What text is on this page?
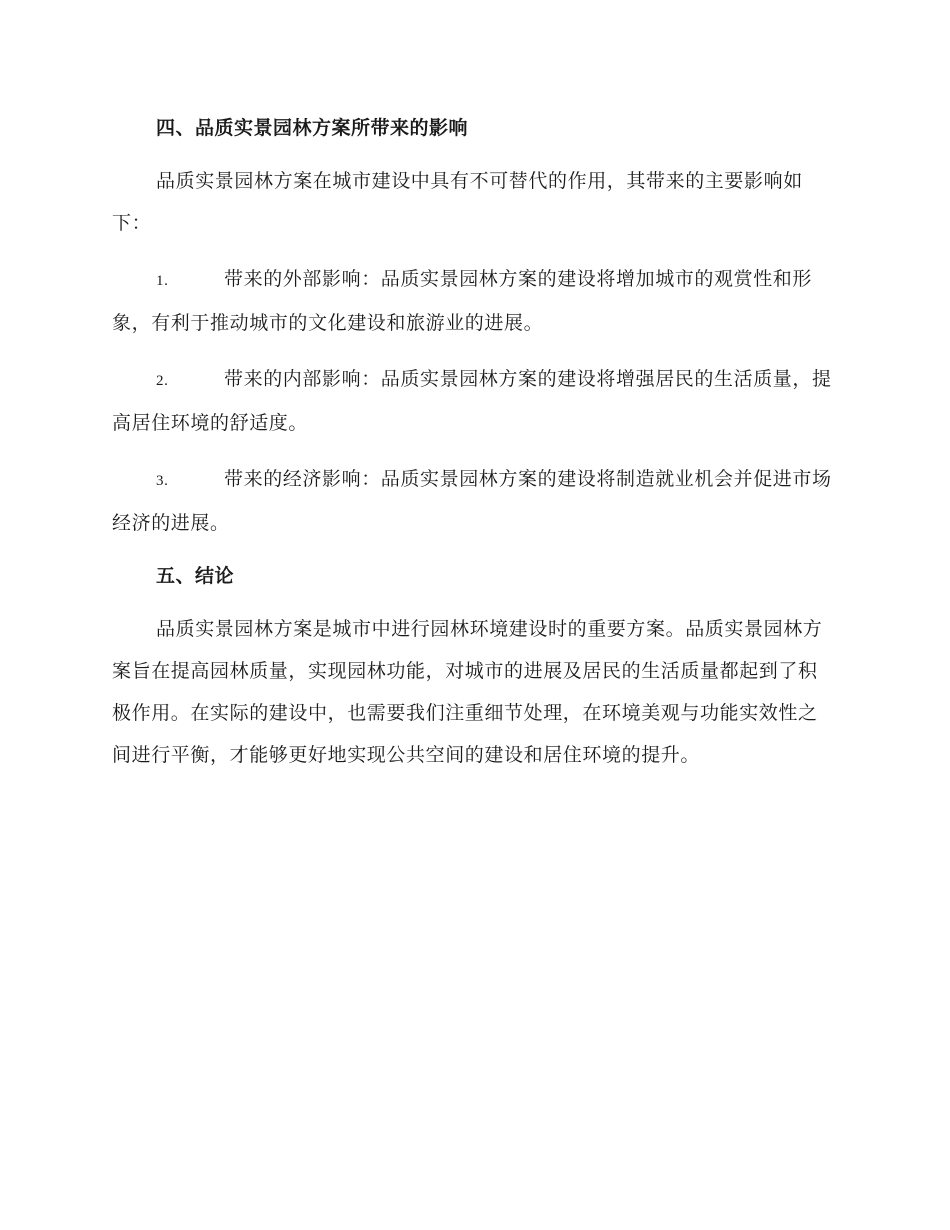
四、品质实景园林方案所带来的影响

品质实景园林方案在城市建设中具有不可替代的作用，其带来的主要影响如下：

1.	带来的外部影响：品质实景园林方案的建设将增加城市的观赏性和形象，有利于推动城市的文化建设和旅游业的进展。

2.	带来的内部影响：品质实景园林方案的建设将增强居民的生活质量，提高居住环境的舒适度。

3.	带来的经济影响：品质实景园林方案的建设将制造就业机会并促进市场经济的进展。

五、结论

品质实景园林方案是城市中进行园林环境建设时的重要方案。品质实景园林方案旨在提高园林质量，实现园林功能，对城市的进展及居民的生活质量都起到了积极作用。在实际的建设中，也需要我们注重细节处理，在环境美观与功能实效性之间进行平衡，才能够更好地实现公共空间的建设和居住环境的提升。
